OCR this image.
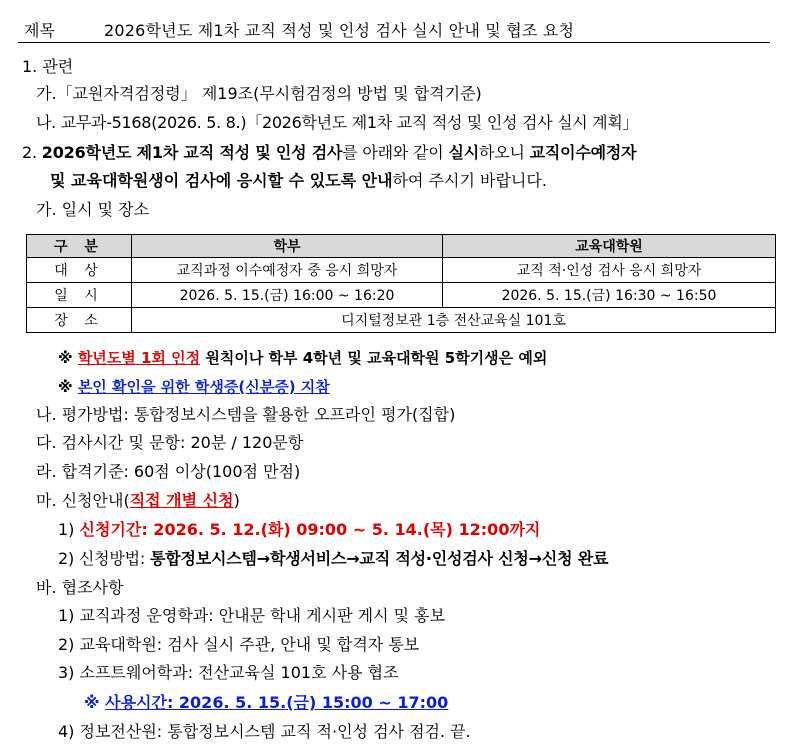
제목	2026학년도 제1차 교직 적성 및 인성 검사 실시 안내 및 협조 요청
1. 관련
가.「교원자격검정령」 제19조(무시험검정의 방법 및 합격기준)
나. 교무과-5168(2026. 5. 8.)「2026학년도 제1차 교직 적성 및 인성 검사 실시 계획」
2. 2026학년도 제1차 교직 적성 및 인성 검사를 아래와 같이 실시하오니 교직이수예정자
및 교육대학원생이 검사에 응시할 수 있도록 안내하여 주시기 바랍니다.
가. 일시 및 장소
구 분	학부	교육대학원
대 상	교직과정 이수예정자 중 응시 희망자	교직 적·인성 검사 응시 희망자
일 시	2026. 5. 15.(금) 16:00 ~ 16:20	2026. 5. 15.(금) 16:30 ~ 16:50
장 소	디지털정보관 1층 전산교육실 101호	
※ 학년도별 1회 인정 원칙이나 학부 4학년 및 교육대학원 5학기생은 예외
※ 본인 확인을 위한 학생증(신분증) 지참
나. 평가방법: 통합정보시스템을 활용한 오프라인 평가(집합)
다. 검사시간 및 문항: 20분 / 120문항
라. 합격기준: 60점 이상(100점 만점)
마. 신청안내(직접 개별 신청)
1) 신청기간: 2026. 5. 12.(화) 09:00 ~ 5. 14.(목) 12:00까지
2) 신청방법: 통합정보시스템→학생서비스→교직 적성·인성검사 신청→신청 완료
바. 협조사항
1) 교직과정 운영학과: 안내문 학내 게시판 게시 및 홍보
2) 교육대학원: 검사 실시 주관, 안내 및 합격자 통보
3) 소프트웨어학과: 전산교육실 101호 사용 협조
※ 사용시간: 2026. 5. 15.(금) 15:00 ~ 17:00
4) 정보전산원: 통합정보시스템 교직 적·인성 검사 점검. 끝.
